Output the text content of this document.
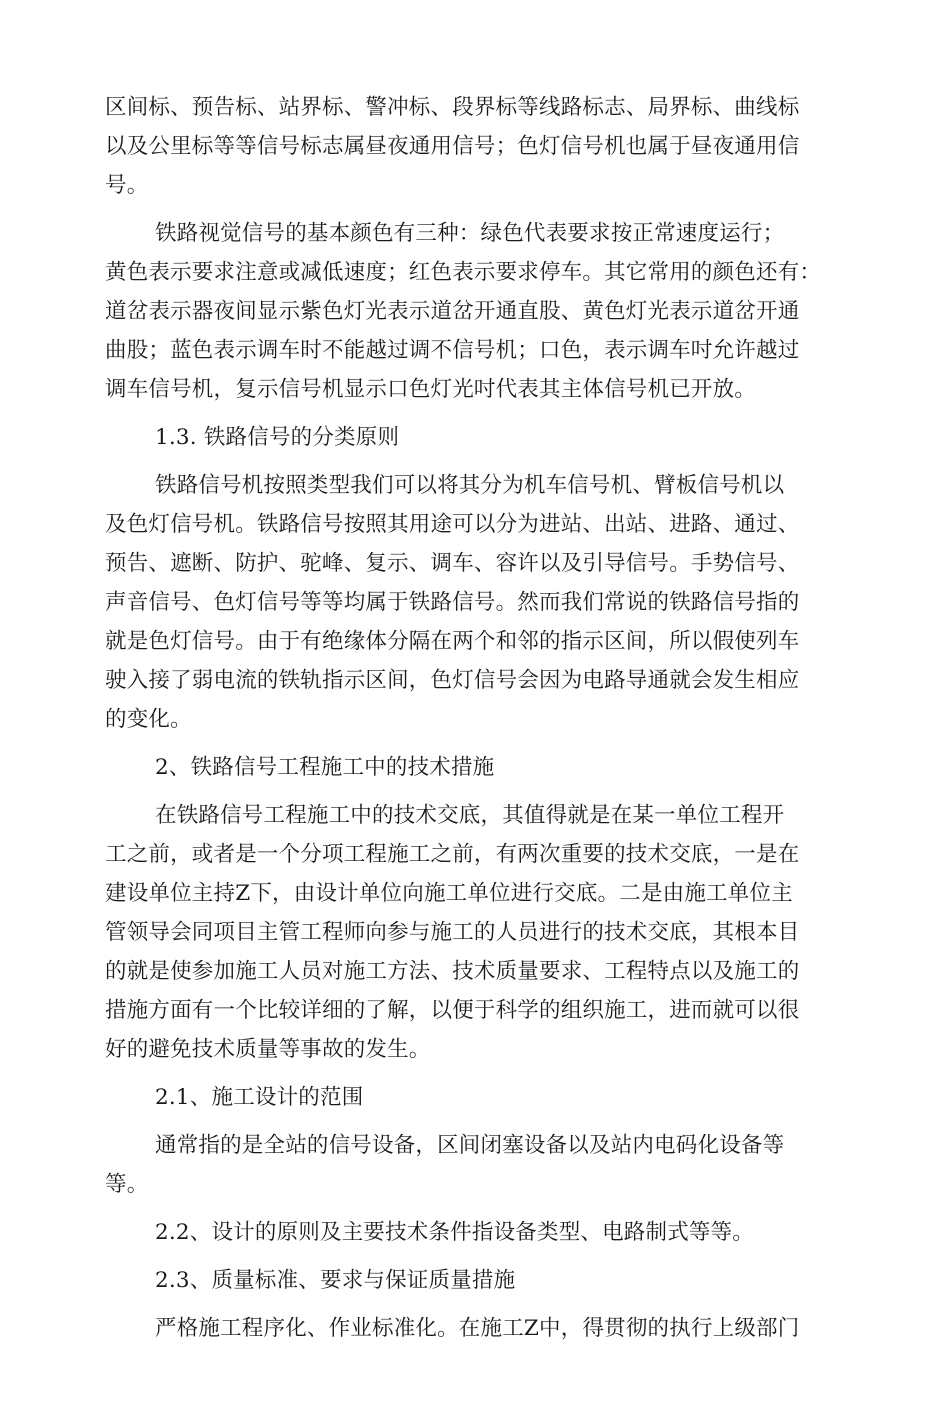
区间标、预告标、站界标、警冲标、段界标等线路标志、局界标、曲线标
以及公里标等等信号标志属昼夜通用信号；色灯信号机也属于昼夜通用信
号。
铁路视觉信号的基本颜色有三种：绿色代表要求按正常速度运行；
黄色表示要求注意或减低速度；红色表示要求停车。其它常用的颜色还有：
道岔表示器夜间显示紫色灯光表示道岔开通直股、黄色灯光表示道岔开通
曲股；蓝色表示调车时不能越过调不信号机；口色，表示调车吋允许越过
调车信号机，复示信号机显示口色灯光吋代表其主体信号机已开放。
1.3. 铁路信号的分类原则
铁路信号机按照类型我们可以将其分为机车信号机、臂板信号机以
及色灯信号机。铁路信号按照其用途可以分为进站、出站、进路、通过、
预告、遮断、防护、驼峰、复示、调车、容许以及引导信号。手势信号、
声音信号、色灯信号等等均属于铁路信号。然而我们常说的铁路信号指的
就是色灯信号。由于有绝缘体分隔在两个和邻的指示区间，所以假使列车
驶入接了弱电流的铁轨指示区间，色灯信号会因为电路导通就会发生相应
的变化。
2、铁路信号工程施工中的技术措施
在铁路信号工程施工中的技术交底，其值得就是在某一单位工程开
工之前，或者是一个分项工程施工之前，有两次重要的技术交底，一是在
建设单位主持Z下，由设计单位向施工单位进行交底。二是由施工单位主
管领导会同项目主管工程师向参与施工的人员进行的技术交底，其根本目
的就是使参加施工人员对施工方法、技术质量要求、工程特点以及施工的
措施方面有一个比较详细的了解，以便于科学的组织施工，进而就可以很
好的避免技术质量等事故的发生。
2.1、施工设计的范围
通常指的是全站的信号设备，区间闭塞设备以及站内电码化设备等
等。
2.2、设计的原则及主要技术条件指设备类型、电路制式等等。
2.3、质量标准、要求与保证质量措施
严格施工程序化、作业标准化。在施工Z中，得贯彻的执行上级部门
